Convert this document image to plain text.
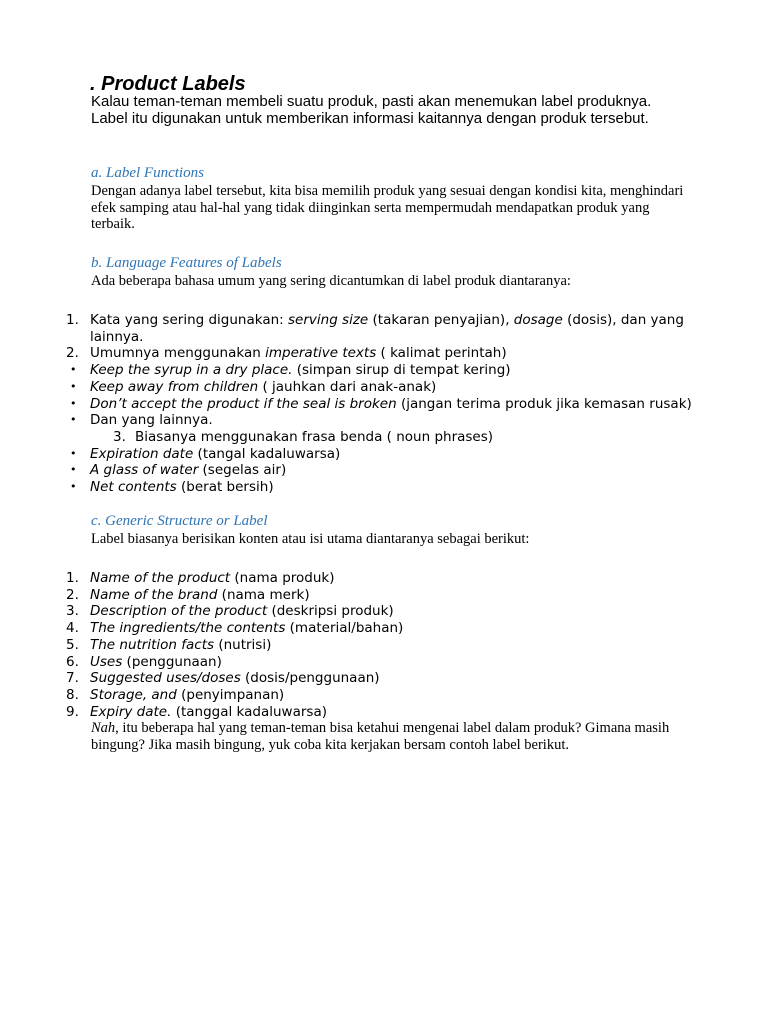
. Product Labels
Kalau teman-teman membeli suatu produk, pasti akan menemukan label produknya. Label itu digunakan untuk memberikan informasi kaitannya dengan produk tersebut.
a. Label Functions
Dengan adanya label tersebut, kita bisa memilih produk yang sesuai dengan kondisi kita, menghindari efek samping atau hal-hal yang tidak diinginkan serta mempermudah mendapatkan produk yang terbaik.
b. Language Features of Labels
Ada beberapa bahasa umum yang sering dicantumkan di label produk diantaranya:
1. Kata yang sering digunakan: serving size (takaran penyajian), dosage (dosis), dan yang lainnya.
2. Umumnya menggunakan imperative texts ( kalimat perintah)
• Keep the syrup in a dry place. (simpan sirup di tempat kering)
• Keep away from children ( jauhkan dari anak-anak)
• Don’t accept the product if the seal is broken (jangan terima produk jika kemasan rusak)
• Dan yang lainnya.
3. Biasanya menggunakan frasa benda ( noun phrases)
• Expiration date (tangal kadaluwarsa)
• A glass of water (segelas air)
• Net contents (berat bersih)
c. Generic Structure or Label
Label biasanya berisikan konten atau isi utama diantaranya sebagai berikut:
1. Name of the product (nama produk)
2. Name of the brand (nama merk)
3. Description of the product (deskripsi produk)
4. The ingredients/the contents (material/bahan)
5. The nutrition facts (nutrisi)
6. Uses (penggunaan)
7. Suggested uses/doses (dosis/penggunaan)
8. Storage, and (penyimpanan)
9. Expiry date. (tanggal kadaluwarsa)
Nah, itu beberapa hal yang teman-teman bisa ketahui mengenai label dalam produk? Gimana masih bingung? Jika masih bingung, yuk coba kita kerjakan bersam contoh label berikut.
